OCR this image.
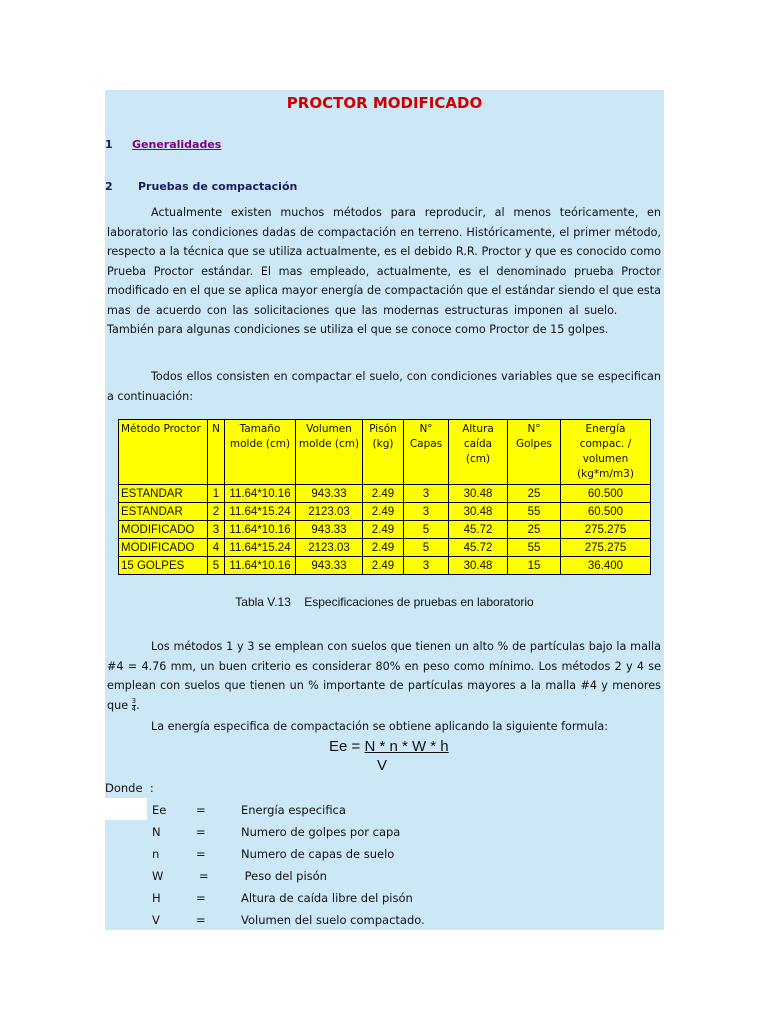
PROCTOR MODIFICADO
1 Generalidades
2 Pruebas de compactación
Actualmente existen muchos métodos para reproducir, al menos teóricamente, en laboratorio las condiciones dadas de compactación en terreno. Históricamente, el primer método, respecto a la técnica que se utiliza actualmente, es el debido R.R. Proctor y que es conocido como Prueba Proctor estándar. El mas empleado, actualmente, es el denominado prueba Proctor modificado en el que se aplica mayor energía de compactación que el estándar siendo el que esta mas de acuerdo con las solicitaciones que las modernas estructuras imponen al suelo. También para algunas condiciones se utiliza el que se conoce como Proctor de 15 golpes.
Todos ellos consisten en compactar el suelo, con condiciones variables que se especifican a continuación:
Método Proctor	N	Tamaño molde (cm)	Volumen molde (cm)	Pisón (kg)	N° Capas	Altura caída (cm)	N° Golpes	Energía compac. / volumen (kg*m/m3)
ESTANDAR	1	11.64*10.16	943.33	2.49	3	30.48	25	60.500
ESTANDAR	2	11.64*15.24	2123.03	2.49	3	30.48	55	60.500
MODIFICADO	3	11.64*10.16	943.33	2.49	5	45.72	25	275.275
MODIFICADO	4	11.64*15.24	2123.03	2.49	5	45.72	55	275.275
15 GOLPES	5	11.64*10.16	943.33	2.49	3	30.48	15	36.400
Tabla V.13    Especificaciones de pruebas en laboratorio
Los métodos 1 y 3 se emplean con suelos que tienen un alto % de partículas bajo la malla #4 = 4.76 mm, un buen criterio es considerar 80% en peso como mínimo. Los métodos 2 y 4 se emplean con suelos que tienen un % importante de partículas mayores a la malla #4 y menores que $\frac{3}{4}$ .
La energía especifica de compactación se obtiene aplicando la siguiente formula:
Ee = N * n * W * h
V
Donde  :
Ee	=	Energía especifica
N	=	Numero de golpes por capa
n	=	Numero de capas de suelo
W	=	Peso del pisón
H	=	Altura de caída libre del pisón
V	=	Volumen del suelo compactado.
